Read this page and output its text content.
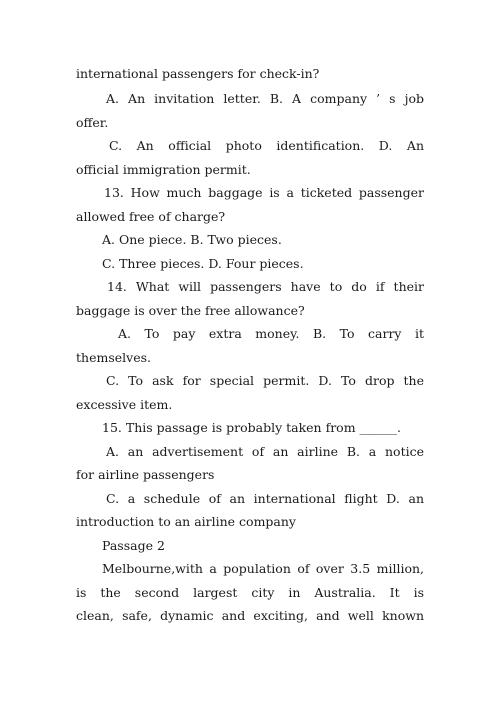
international passengers for check-in?
A. An invitation letter. B. A company ’ s job
offer.
C. An official photo identification. D. An
official immigration permit.
13. How much baggage is a ticketed passenger
allowed free of charge?
A. One piece. B. Two pieces.
C. Three pieces. D. Four pieces.
14. What will passengers have to do if their
baggage is over the free allowance?
A. To pay extra money. B. To carry it
themselves.
C. To ask for special permit. D. To drop the
excessive item.
15. This passage is probably taken from ______.
A. an advertisement of an airline B. a notice
for airline passengers
C. a schedule of an international flight D. an
introduction to an airline company
Passage 2
Melbourne,with a population of over 3.5 million,
is the second largest city in Australia. It is
clean, safe, dynamic and exciting, and well known
